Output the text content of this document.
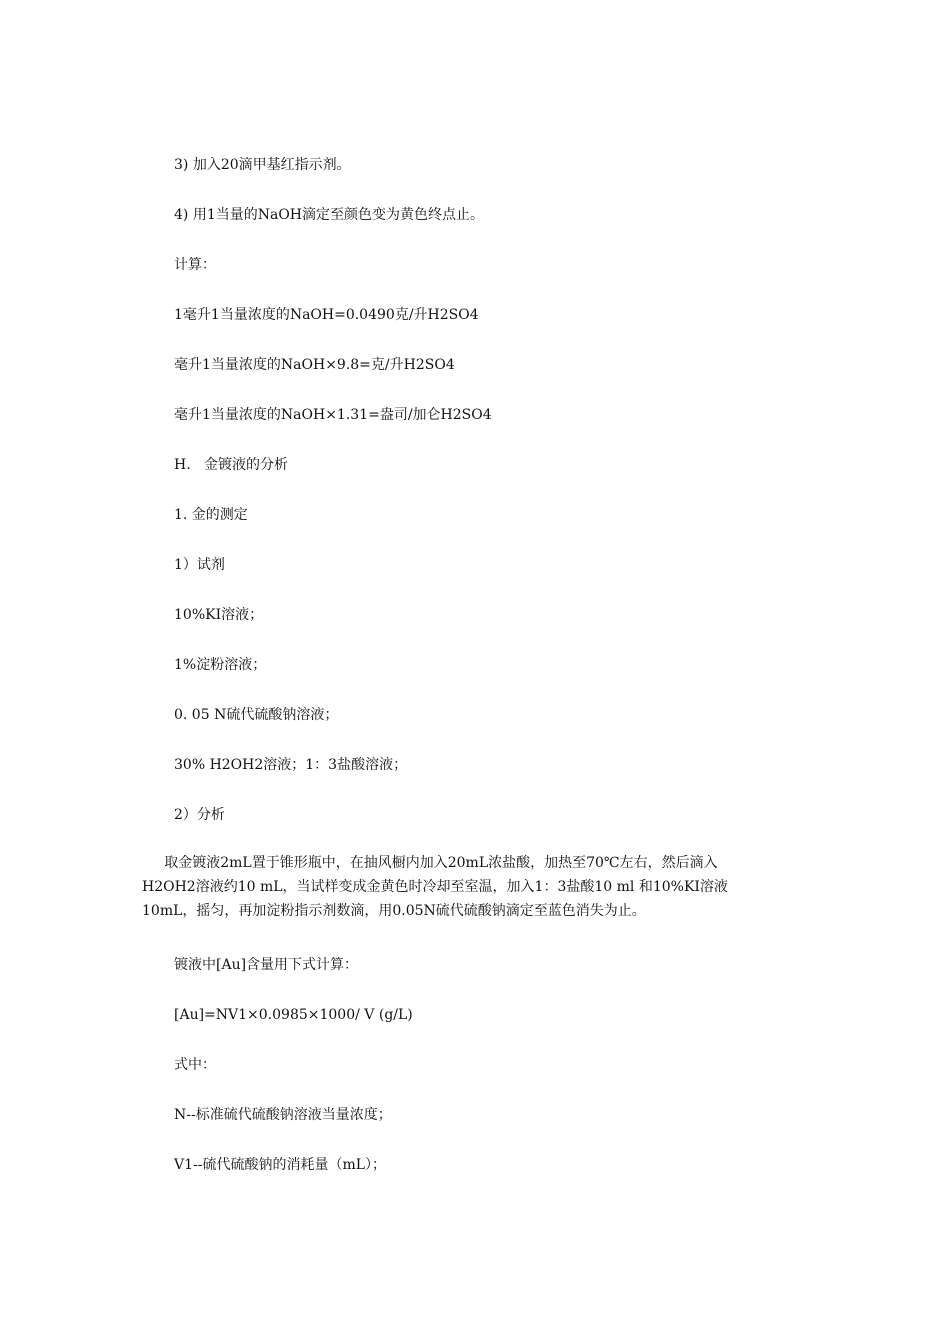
3) 加入20滴甲基红指示剂。
4) 用1当量的NaOH滴定至颜色变为黄色终点止。
计算：
1毫升1当量浓度的NaOH=0.0490克/升H2SO4
毫升1当量浓度的NaOH×9.8=克/升H2SO4
毫升1当量浓度的NaOH×1.31=盎司/加仑H2SO4
H.   金镀液的分析
1. 金的测定
1）试剂
10%KI溶液；
1%淀粉溶液；
0. 05 N硫代硫酸钠溶液；
30% H2OH2溶液；1：3盐酸溶液；
2）分析
取金镀液2mL置于锥形瓶中，在抽风橱内加入20mL浓盐酸，加热至70℃左右，然后滴入
H2OH2溶液约10 mL，当试样变成金黄色时冷却至室温，加入1：3盐酸10 ml 和10%KI溶液
10mL，摇匀，再加淀粉指示剂数滴，用0.05N硫代硫酸钠滴定至蓝色消失为止。
镀液中[Au]含量用下式计算：
[Au]=NV1×0.0985×1000/ V (g/L)
式中：
N--标准硫代硫酸钠溶液当量浓度；
V1--硫代硫酸钠的消耗量（mL）；
